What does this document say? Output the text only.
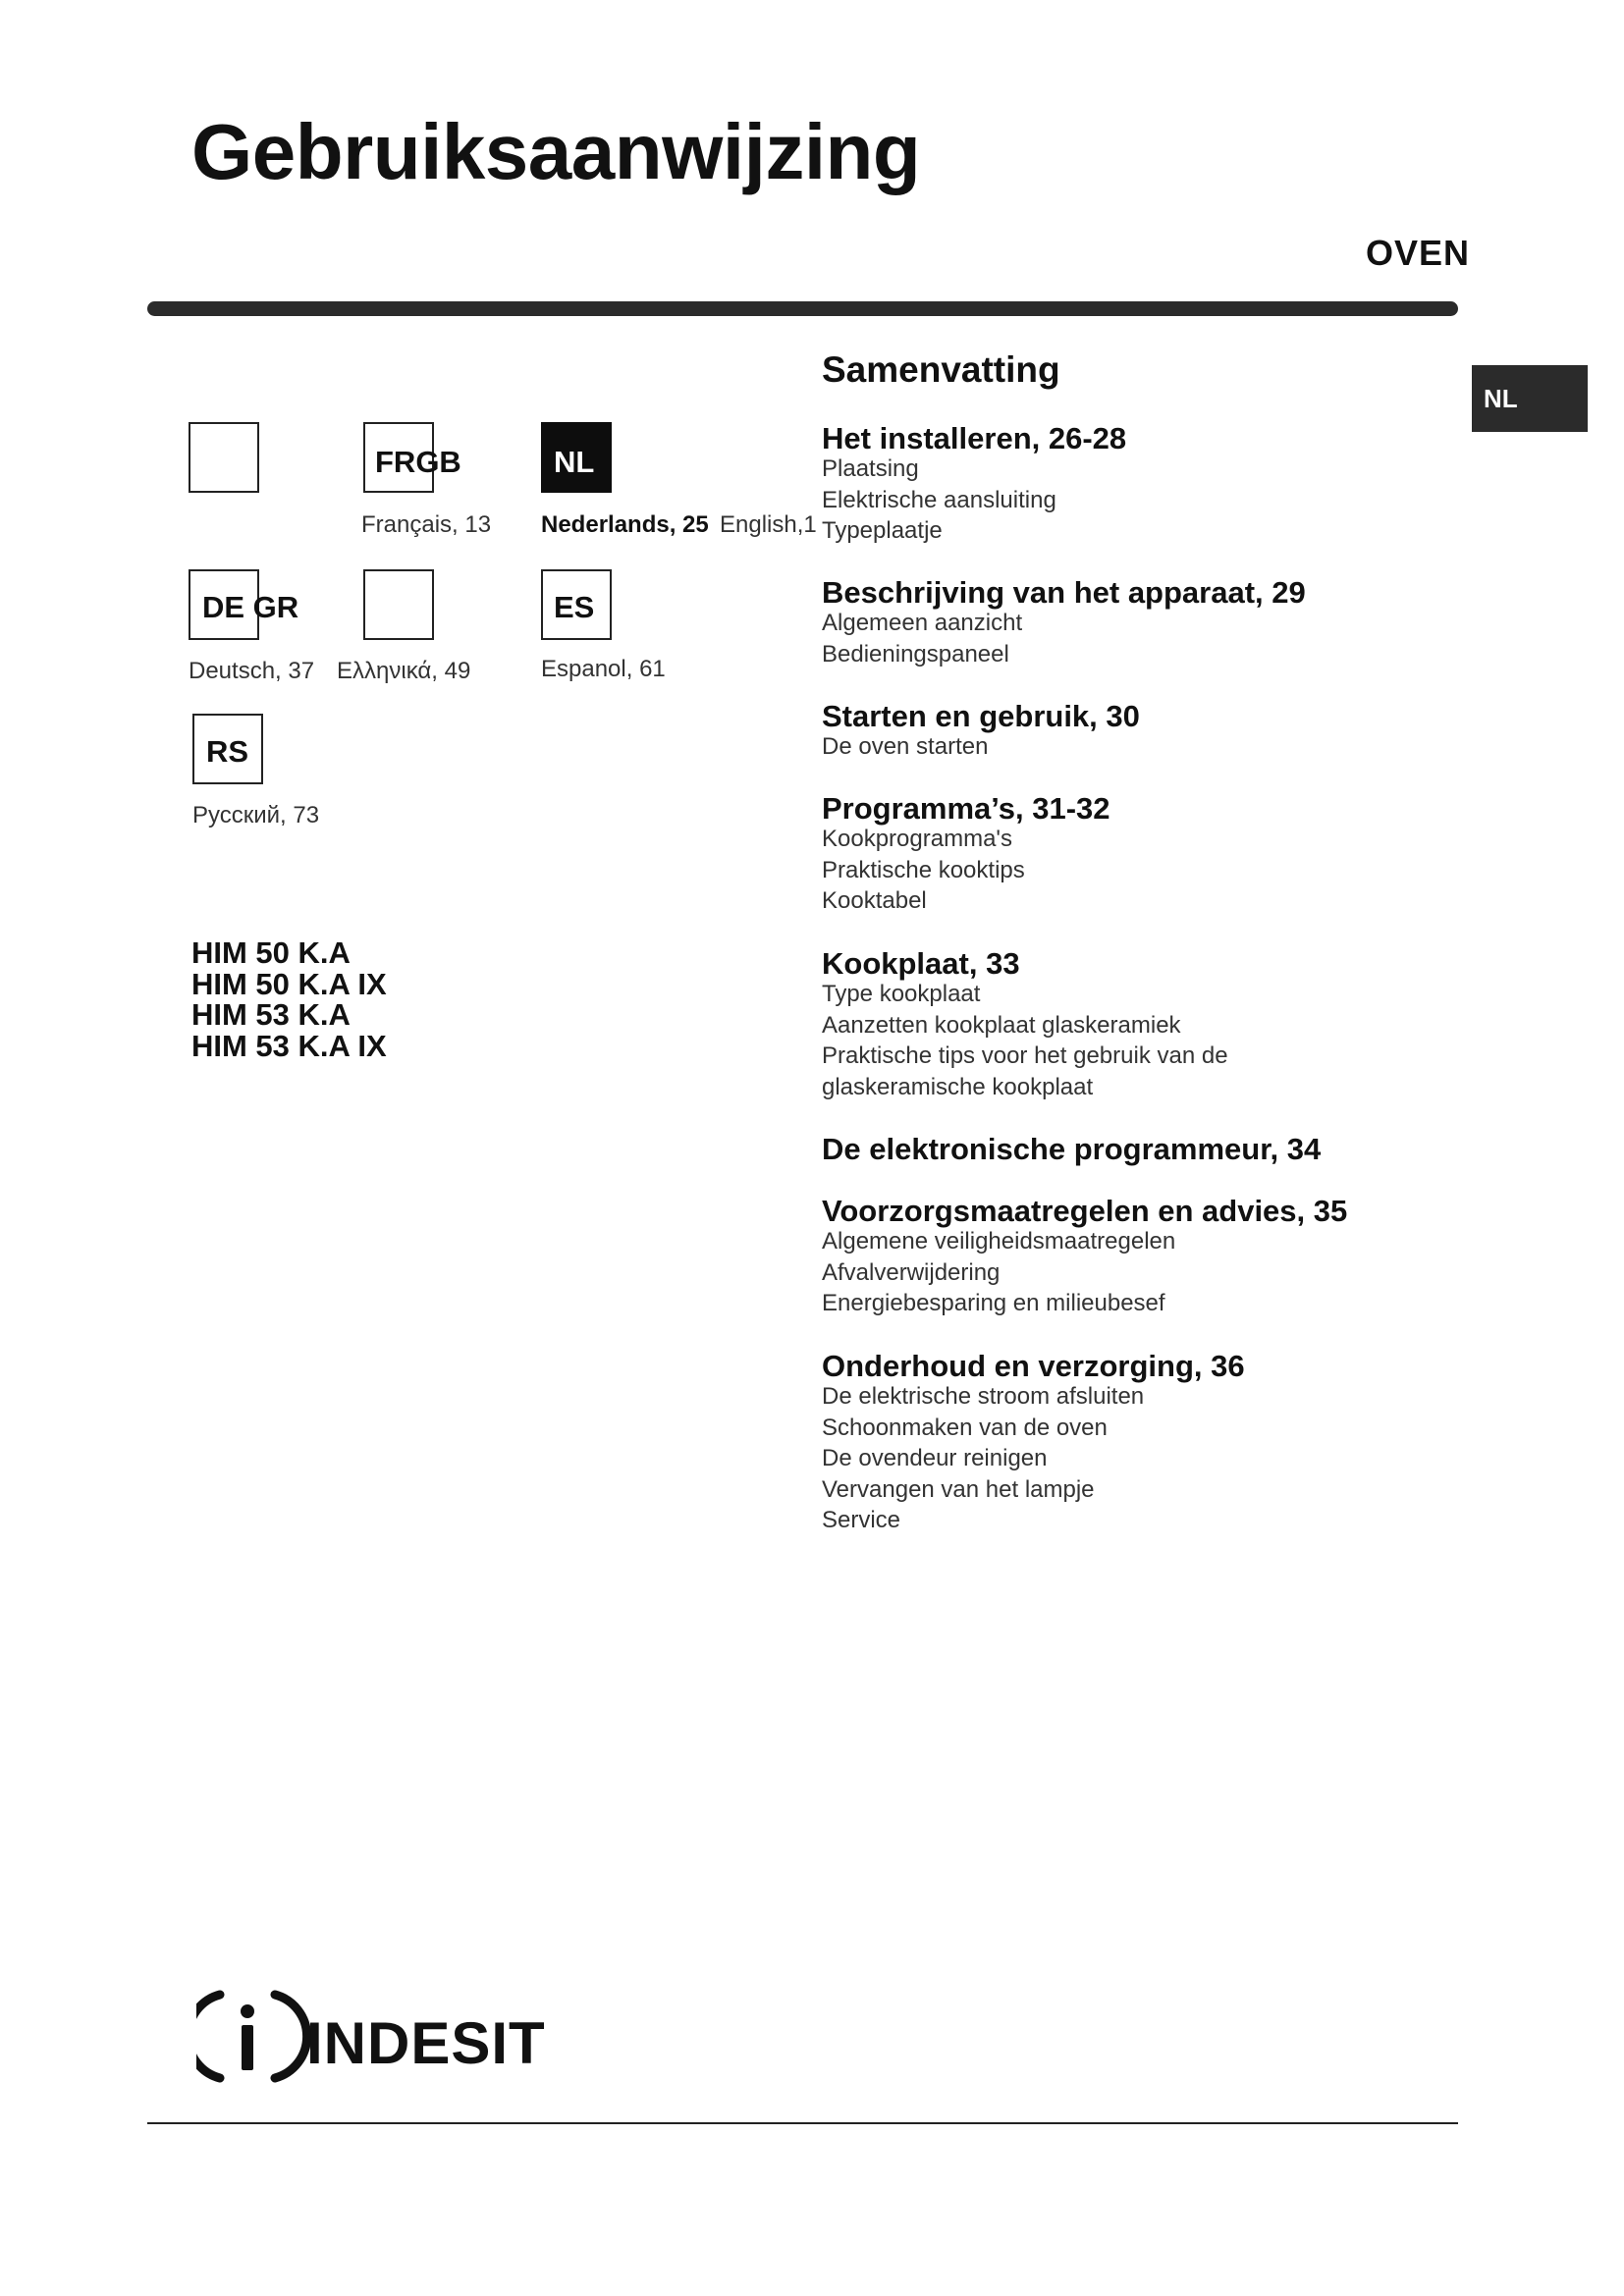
Gebruiksaanwijzing
OVEN
NL
FRGB
Français, 13
NL
Nederlands, 25 English,1
DE GR
Deutsch, 37 Ελληνικά, 49
ES
Espanol, 61
RS
Русский, 73
HIM 50 K.A
HIM 50 K.A IX
HIM 53 K.A
HIM 53 K.A IX
Samenvatting
Het installeren, 26-28
Plaatsing
Elektrische aansluiting
Typeplaatje
Beschrijving van het apparaat, 29
Algemeen aanzicht
Bedieningspaneel
Starten en gebruik, 30
De oven starten
Programma’s, 31-32
Kookprogramma's
Praktische kooktips
Kooktabel
Kookplaat, 33
Type kookplaat
Aanzetten kookplaat glaskeramiek
Praktische tips voor het gebruik van de
glaskeramische kookplaat
De elektronische programmeur, 34
Voorzorgsmaatregelen en advies, 35
Algemene veiligheidsmaatregelen
Afvalverwijdering
Energiebesparing en milieubesef
Onderhoud en verzorging, 36
De elektrische stroom afsluiten
Schoonmaken van de oven
De ovendeur reinigen
Vervangen van het lampje
Service
INDESIT
